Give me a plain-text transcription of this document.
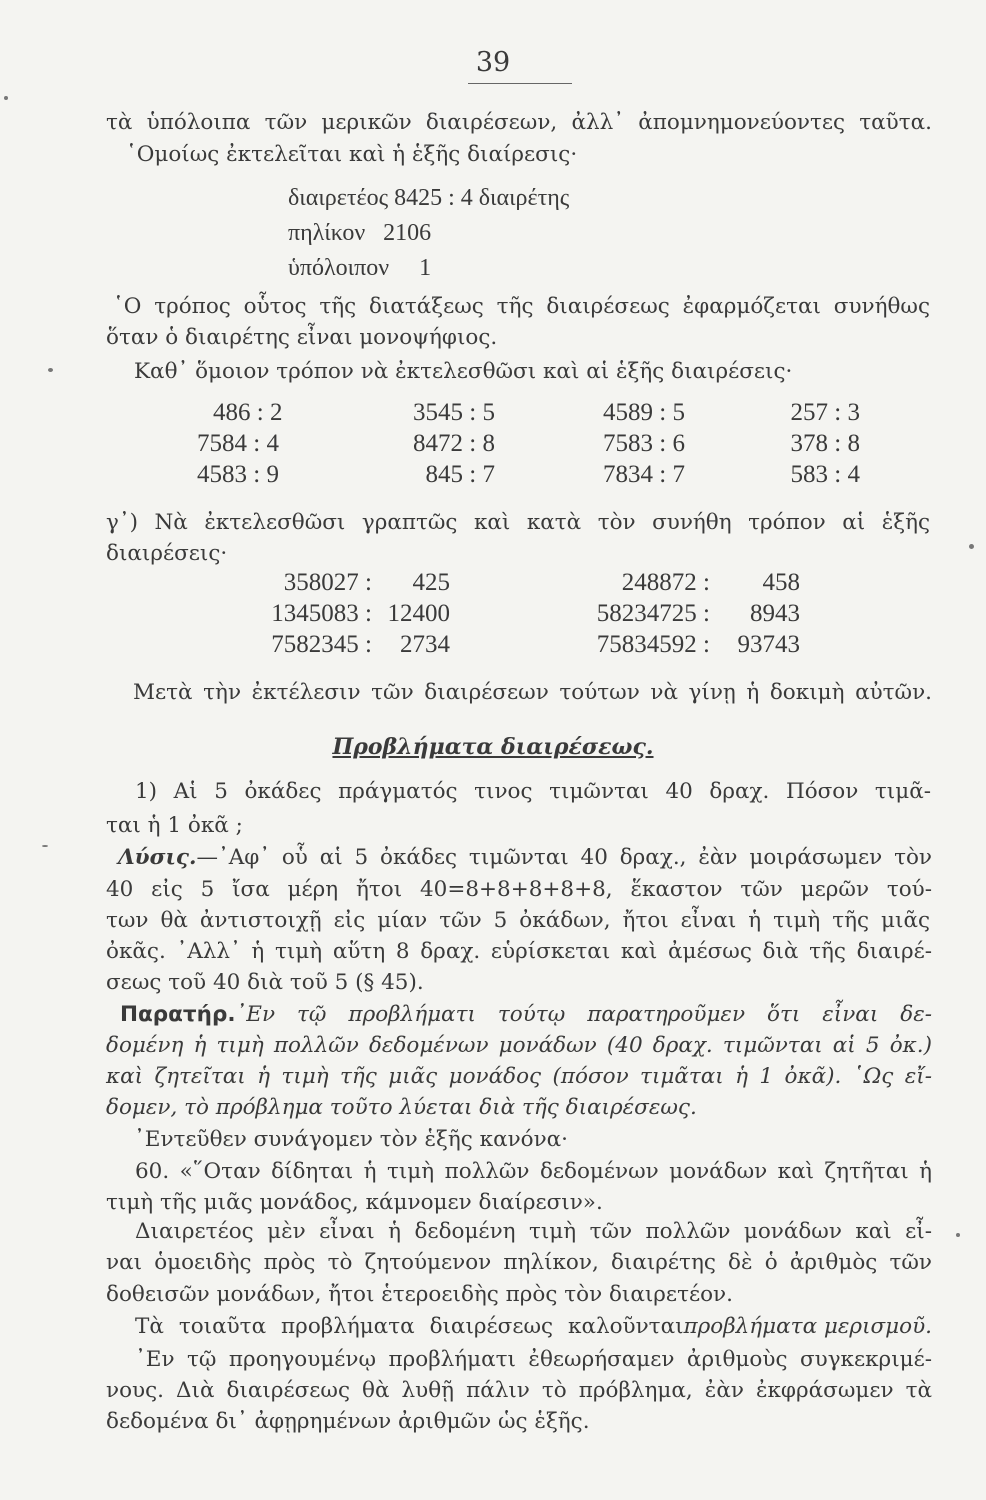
39
τὰ ὑπόλοιπα τῶν μερικῶν διαιρέσεων, ἀλλ᾽ ἀπομνημονεύοντες ταῦτα.
῾Ομοίως ἐκτελεῖται καὶ ἡ ἑξῆς διαίρεσις·
διαιρετέος 8425 : 4 διαιρέτης
πηλίκον   2106
ὑπόλοιπον     1
῾Ο τρόπος οὗτος τῆς διατάξεως τῆς διαιρέσεως ἐφαρμόζεται συνήθως
ὅταν ὁ διαιρέτης εἶναι μονοψήφιος.
Καθ᾽ ὅμοιον τρόπον νὰ ἐκτελεσθῶσι καὶ αἱ ἑξῆς διαιρέσεις·
486 : 2	3545 : 5	4589 : 5	257 : 3
7584 : 4	8472 : 8	7583 : 6	378 : 8
4583 : 9	845 : 7	7834 : 7	583 : 4
γ᾽) Νὰ ἐκτελεσθῶσι γραπτῶς καὶ κατὰ τὸν συνήθη τρόπον αἱ ἑξῆς
διαιρέσεις·
358027 :	425	248872 :	458
1345083 : 12400	58234725 :	8943
7582345 :	2734	75834592 :	93743
Μετὰ τὴν ἐκτέλεσιν τῶν διαιρέσεων τούτων νὰ γίνῃ ἡ δοκιμὴ αὐτῶν.
Προβλήματα διαιρέσεως.
1) Αἱ 5 ὀκάδες πράγματός τινος τιμῶνται 40 δραχ. Πόσον τιμᾶ-
ται ἡ 1 ὀκᾶ ;
Λύσις. —᾽Αφ᾽ οὗ αἱ 5 ὀκάδες τιμῶνται 40 δραχ., ἐὰν μοιράσωμεν τὸν
40 εἰς 5 ἴσα μέρη ἤτοι 40=8+8+8+8+8, ἕκαστον τῶν μερῶν τού-
των θὰ ἀντιστοιχῇ εἰς μίαν τῶν 5 ὀκάδων, ἤτοι εἶναι ἡ τιμὴ τῆς μιᾶς
ὀκᾶς. ᾽Αλλ᾽ ἡ τιμὴ αὕτη 8 δραχ. εὑρίσκεται καὶ ἀμέσως διὰ τῆς διαιρέ-
σεως τοῦ 40 διὰ τοῦ 5 (§ 45).
Παρατήρ. ᾽Εν τῷ προβλήματι τούτῳ παρατηροῦμεν ὅτι εἶναι δε-
δομένη ἡ τιμὴ πολλῶν δεδομένων μονάδων (40 δραχ. τιμῶνται αἱ 5 ὀκ.)
καὶ ζητεῖται ἡ τιμὴ τῆς μιᾶς μονάδος (πόσον τιμᾶται ἡ 1 ὀκᾶ). ῾Ως εἴ-
δομεν, τὸ πρόβλημα τοῦτο λύεται διὰ τῆς διαιρέσεως.
᾽Εντεῦθεν συνάγομεν τὸν ἑξῆς κανόνα·
60. «῞Οταν δίδηται ἡ τιμὴ πολλῶν δεδομένων μονάδων καὶ ζητῆται ἡ
τιμὴ τῆς μιᾶς μονάδος, κάμνομεν διαίρεσιν».
Διαιρετέος μὲν εἶναι ἡ δεδομένη τιμὴ τῶν πολλῶν μονάδων καὶ εἶ-
ναι ὁμοειδὴς πρὸς τὸ ζητούμενον πηλίκον, διαιρέτης δὲ ὁ ἀριθμὸς τῶν
δοθεισῶν μονάδων, ἤτοι ἑτεροειδὴς πρὸς τὸν διαιρετέον.
Τὰ τοιαῦτα προβλήματα διαιρέσεως καλοῦνται προβλήματα μερισμοῦ.
᾽Εν τῷ προηγουμένῳ προβλήματι ἐθεωρήσαμεν ἀριθμοὺς συγκεκριμέ-
νους. Διὰ διαιρέσεως θὰ λυθῇ πάλιν τὸ πρόβλημα, ἐὰν ἐκφράσωμεν τὰ
δεδομένα δι᾽ ἀφῃρημένων ἀριθμῶν ὡς ἑξῆς.
